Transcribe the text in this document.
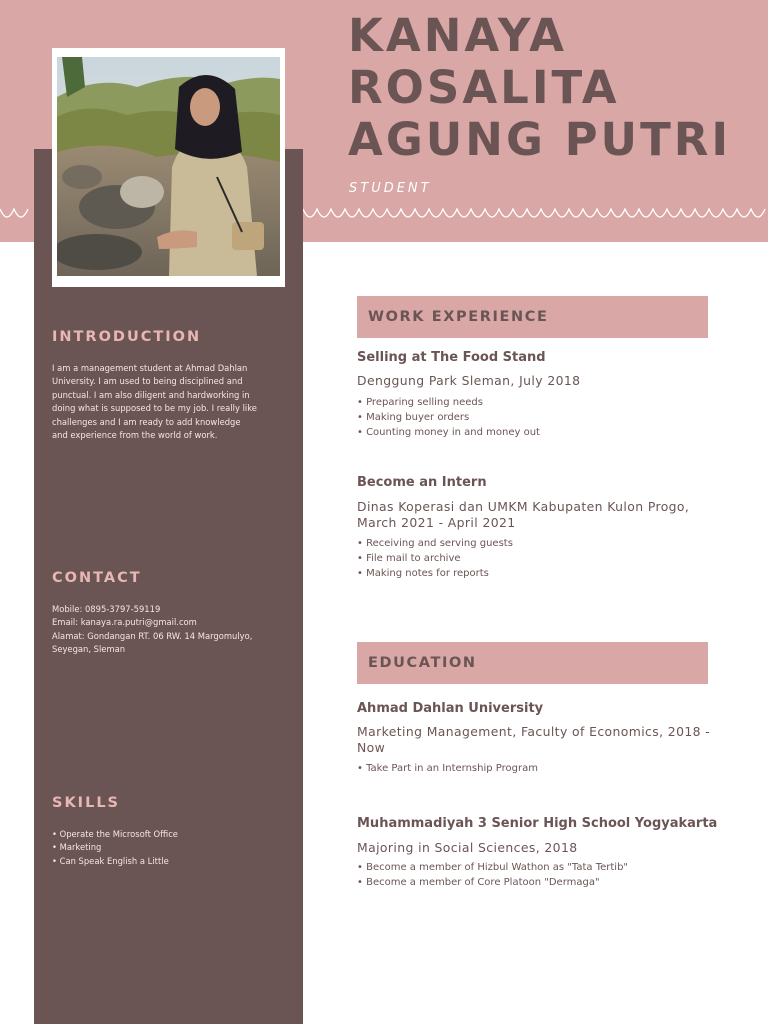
KANAYA
ROSALITA
AGUNG PUTRI
STUDENT
INTRODUCTION
I am a management student at Ahmad Dahlan
University. I am used to being disciplined and
punctual. I am also diligent and hardworking in
doing what is supposed to be my job. I really like
challenges and I am ready to add knowledge
and experience from the world of work.
CONTACT
Mobile: 0895-3797-59119
Email: kanaya.ra.putri@gmail.com
Alamat: Gondangan RT. 06 RW. 14 Margomulyo,
Seyegan, Sleman
SKILLS
• Operate the Microsoft Office
• Marketing
• Can Speak English a Little
WORK EXPERIENCE
Selling at The Food Stand
Denggung Park Sleman, July 2018
• Preparing selling needs
• Making buyer orders
• Counting money in and money out
Become an Intern
Dinas Koperasi dan UMKM Kabupaten Kulon Progo,
March 2021 - April 2021
• Receiving and serving guests
• File mail to archive
• Making notes for reports
EDUCATION
Ahmad Dahlan University
Marketing Management, Faculty of Economics, 2018 -
Now
• Take Part in an Internship Program
Muhammadiyah 3 Senior High School Yogyakarta
Majoring in Social Sciences, 2018
• Become a member of Hizbul Wathon as "Tata Tertib"
• Become a member of Core Platoon "Dermaga"
